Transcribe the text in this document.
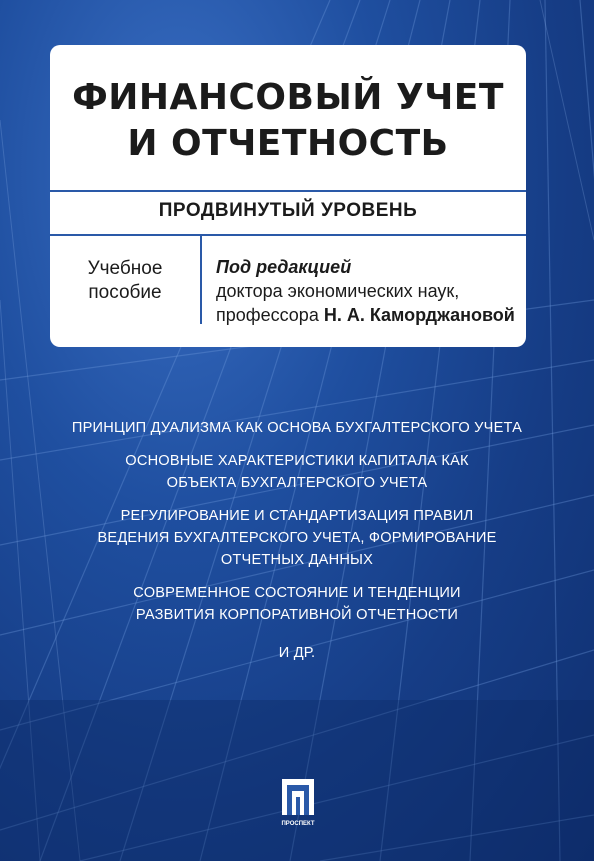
ФИНАНСОВЫЙ УЧЕТ
И ОТЧЕТНОСТЬ
ПРОДВИНУТЫЙ УРОВЕНЬ
Учебное
пособие
Под редакцией
доктора экономических наук,
профессора Н. А. Каморджановой
ПРИНЦИП ДУАЛИЗМА КАК ОСНОВА БУХГАЛТЕРСКОГО УЧЕТА
ОСНОВНЫЕ ХАРАКТЕРИСТИКИ КАПИТАЛА КАК ОБЪЕКТА БУХГАЛТЕРСКОГО УЧЕТА
РЕГУЛИРОВАНИЕ И СТАНДАРТИЗАЦИЯ ПРАВИЛ ВЕДЕНИЯ БУХГАЛТЕРСКОГО УЧЕТА, ФОРМИРОВАНИЕ ОТЧЕТНЫХ ДАННЫХ
СОВРЕМЕННОЕ СОСТОЯНИЕ И ТЕНДЕНЦИИ РАЗВИТИЯ КОРПОРАТИВНОЙ ОТЧЕТНОСТИ
И ДР.
ПРОСПЕКТ
